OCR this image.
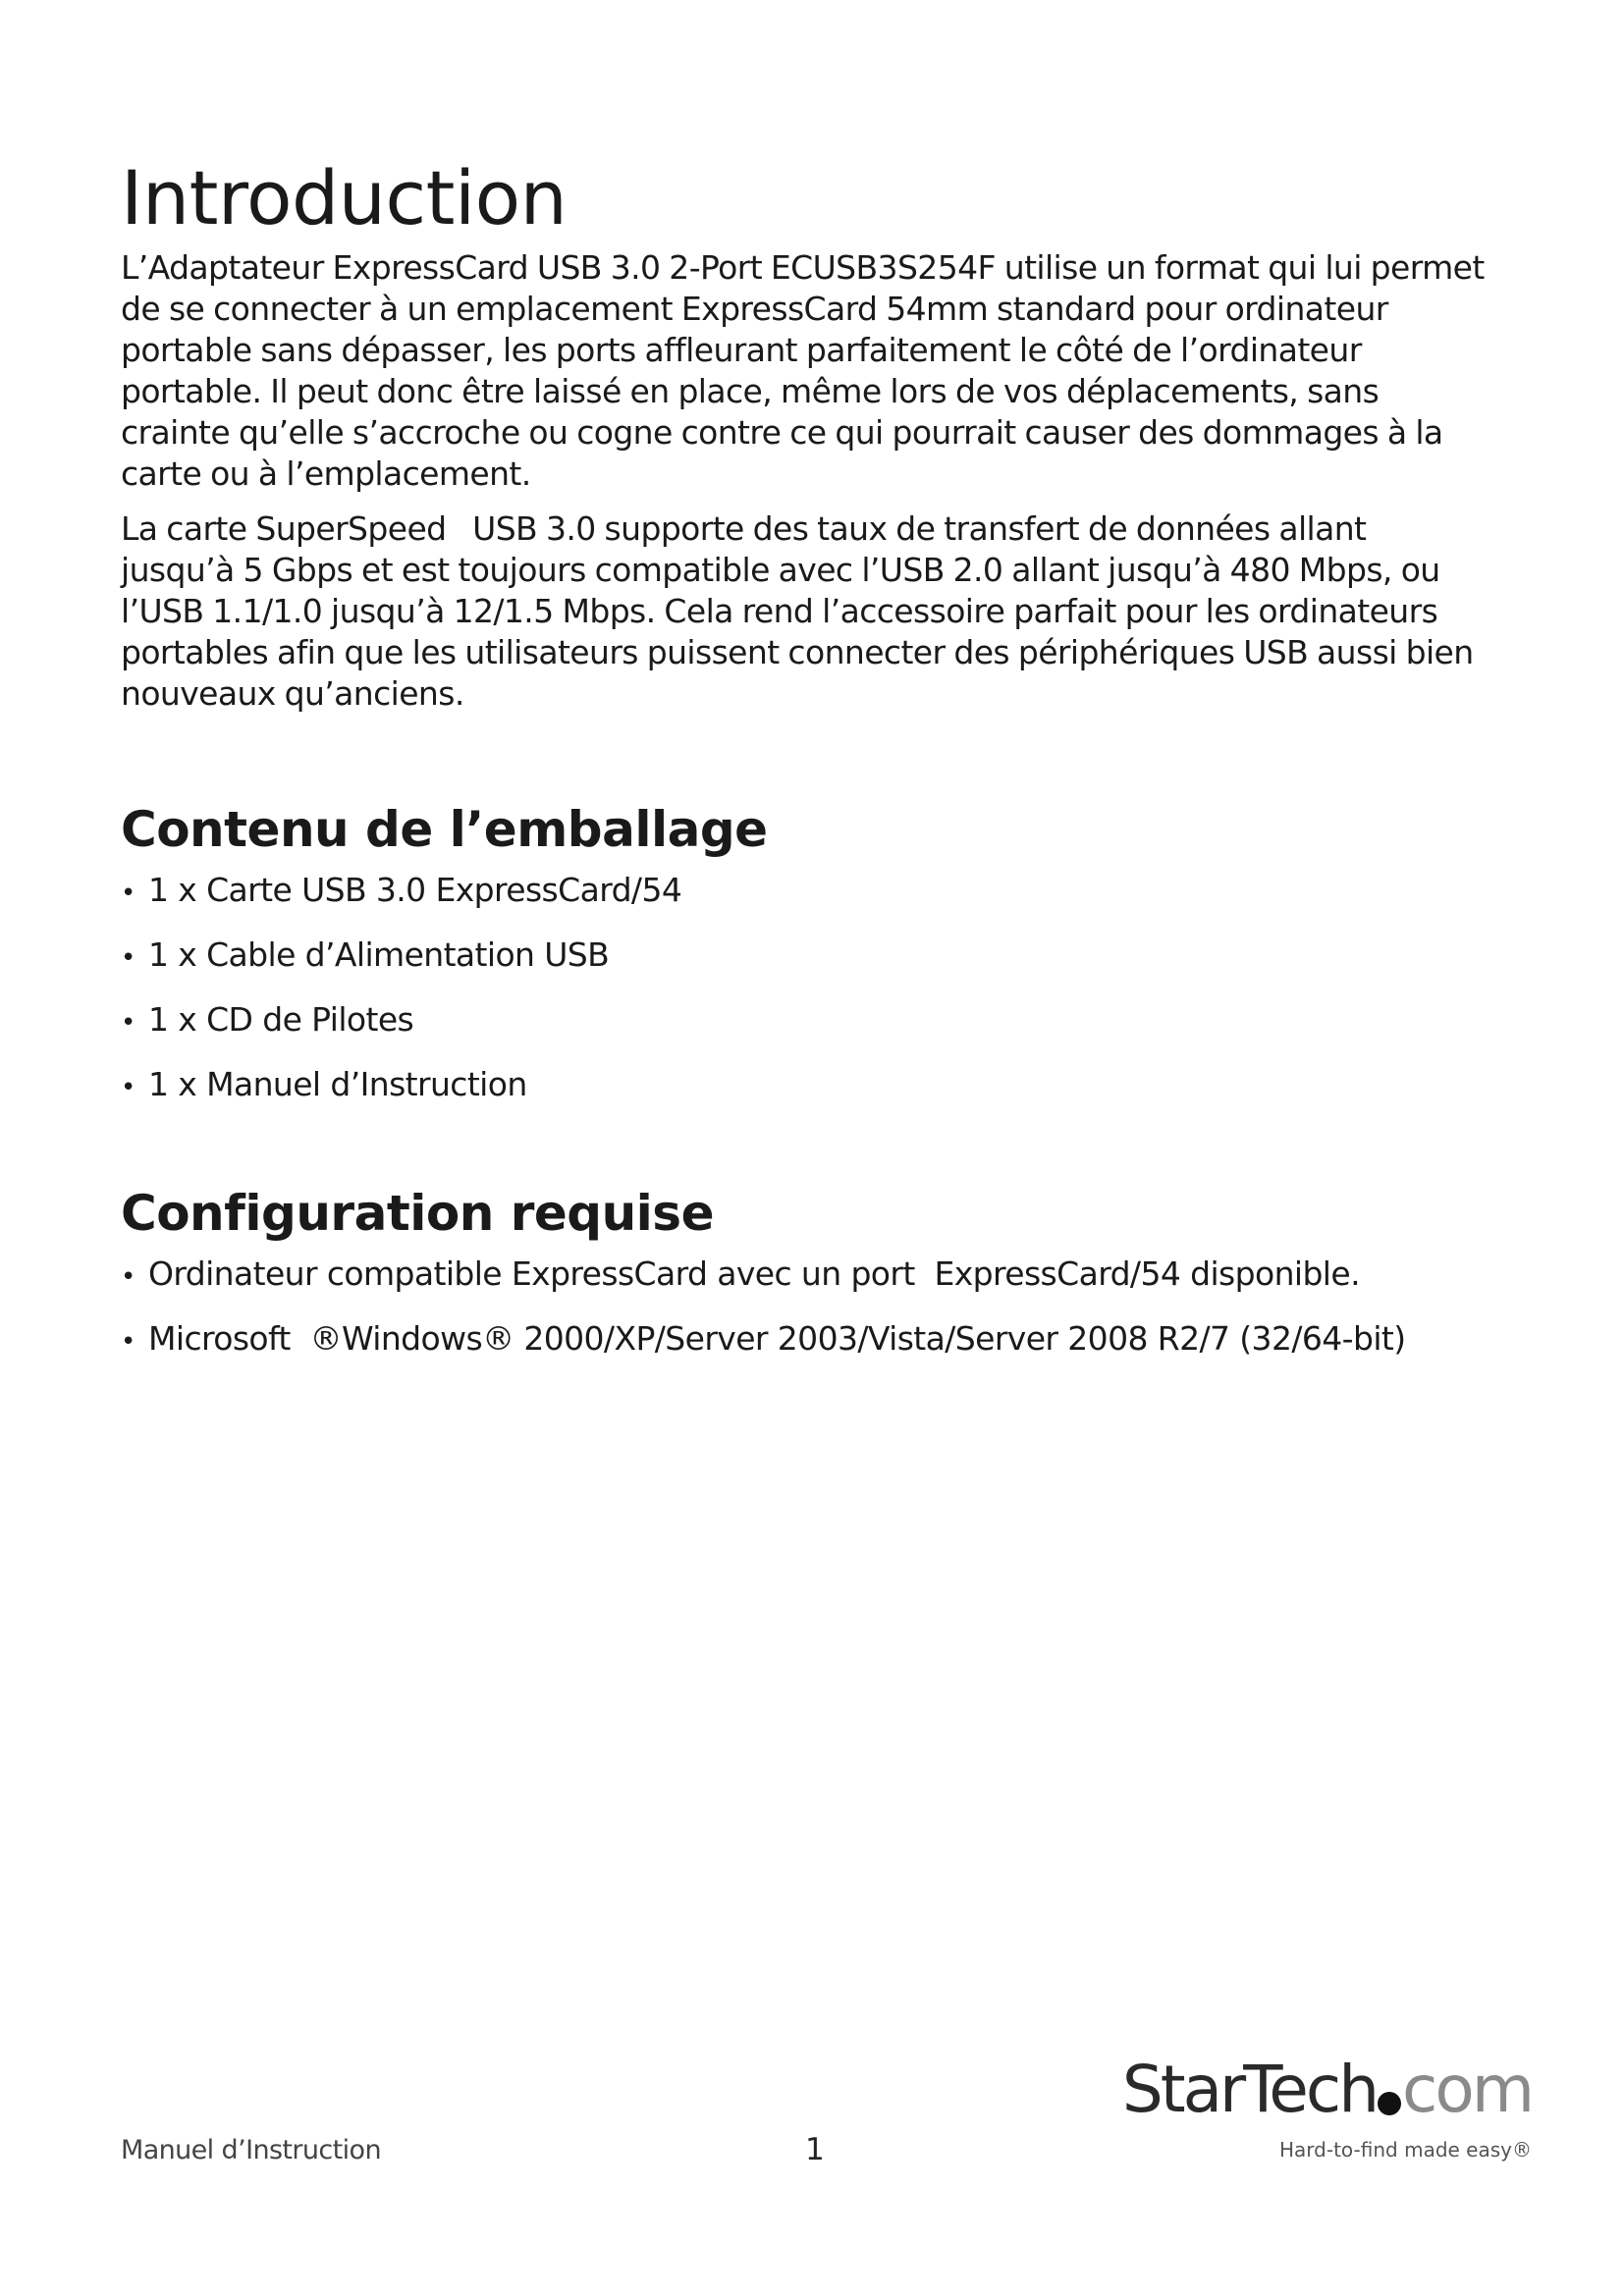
Introduction

L’Adaptateur ExpressCard USB 3.0 2-Port ECUSB3S254F utilise un format qui lui permet
de se connecter à un emplacement ExpressCard 54mm standard pour ordinateur
portable sans dépasser, les ports affleurant parfaitement le côté de l’ordinateur
portable. Il peut donc être laissé en place, même lors de vos déplacements, sans
crainte qu’elle s’accroche ou cogne contre ce qui pourrait causer des dommages à la
carte ou à l’emplacement.

La carte SuperSpeed   USB 3.0 supporte des taux de transfert de données allant
jusqu’à 5 Gbps et est toujours compatible avec l’USB 2.0 allant jusqu’à 480 Mbps, ou
l’USB 1.1/1.0 jusqu’à 12/1.5 Mbps. Cela rend l’accessoire parfait pour les ordinateurs
portables afin que les utilisateurs puissent connecter des périphériques USB aussi bien
nouveaux qu’anciens.

Contenu de l’emballage
• 1 x Carte USB 3.0 ExpressCard/54
• 1 x Cable d’Alimentation USB
• 1 x CD de Pilotes
• 1 x Manuel d’Instruction
Configuration requise
• Ordinateur compatible ExpressCard avec un port  ExpressCard/54 disponible.
• Microsoft  ®Windows® 2000/XP/Server 2003/Vista/Server 2008 R2/7 (32/64-bit)
Manuel d’Instruction	1
StarTech com
Hard-to-find made easy®
